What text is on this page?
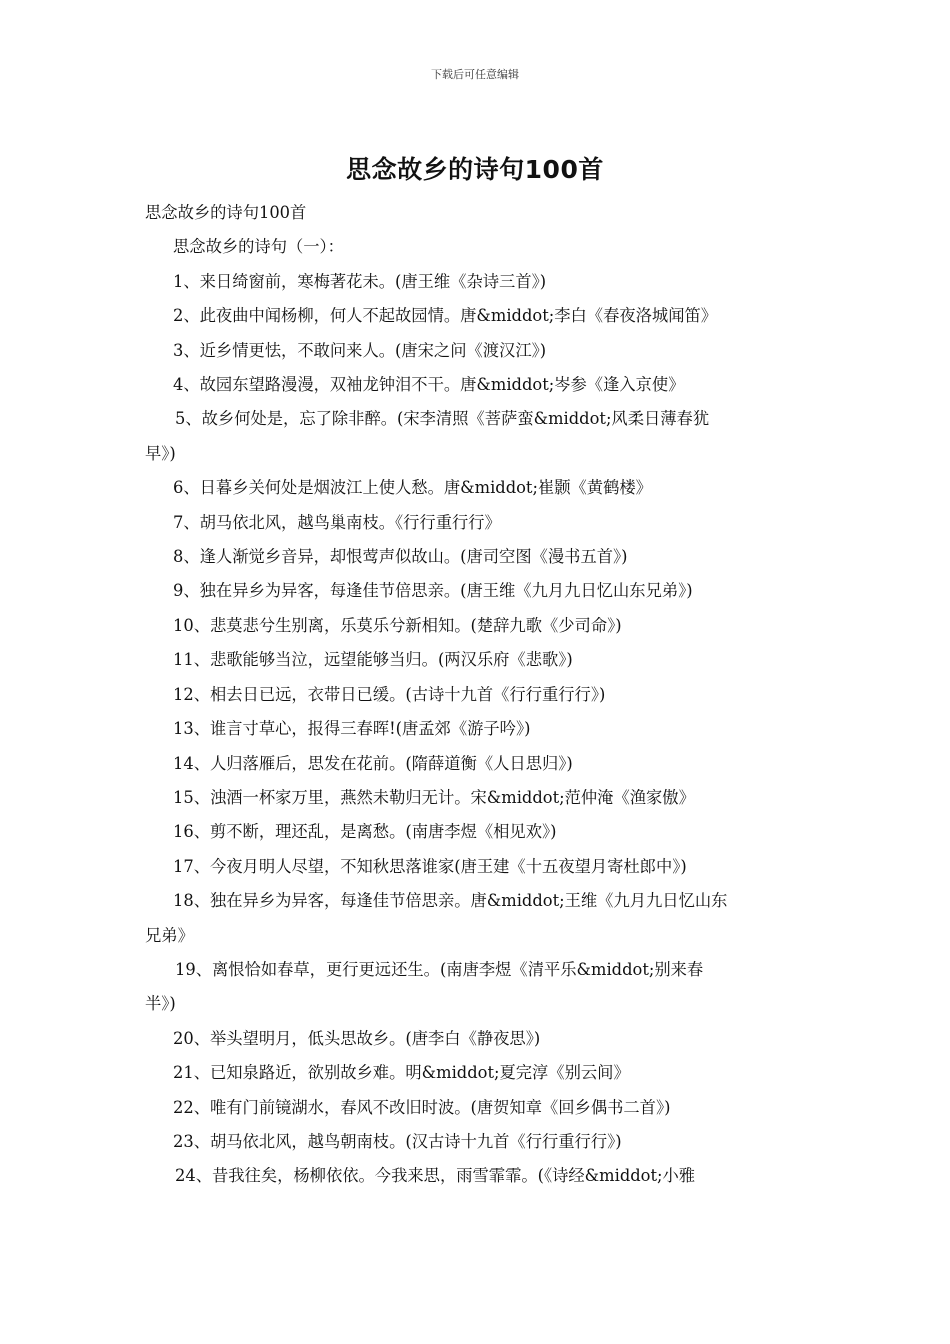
下载后可任意编辑
思念故乡的诗句100首

思念故乡的诗句100首

思念故乡的诗句（一）：

1、来日绮窗前，寒梅著花未。(唐王维《杂诗三首》)

2、此夜曲中闻杨柳，何人不起故园情。唐&middot;李白《春夜洛城闻笛》

3、近乡情更怯，不敢问来人。(唐宋之问《渡汉江》)

4、故园东望路漫漫，双袖龙钟泪不干。唐&middot;岑参《逢入京使》

5、故乡何处是，忘了除非醉。(宋李清照《菩萨蛮&middot;风柔日薄春犹

早》)

6、日暮乡关何处是烟波江上使人愁。唐&middot;崔颢《黄鹤楼》

7、胡马依北风，越鸟巢南枝。《行行重行行》

8、逢人渐觉乡音异，却恨莺声似故山。(唐司空图《漫书五首》)

9、独在异乡为异客，每逢佳节倍思亲。(唐王维《九月九日忆山东兄弟》)

10、悲莫悲兮生别离，乐莫乐兮新相知。(楚辞九歌《少司命》)

11、悲歌能够当泣，远望能够当归。(两汉乐府《悲歌》)

12、相去日已远，衣带日已缓。(古诗十九首《行行重行行》)

13、谁言寸草心，报得三春晖!(唐孟郊《游子吟》)

14、人归落雁后，思发在花前。(隋薛道衡《人日思归》)

15、浊酒一杯家万里，燕然未勒归无计。宋&middot;范仲淹《渔家傲》

16、剪不断，理还乱，是离愁。(南唐李煜《相见欢》)

17、今夜月明人尽望，不知秋思落谁家(唐王建《十五夜望月寄杜郎中》)

18、独在异乡为异客，每逢佳节倍思亲。唐&middot;王维《九月九日忆山东

兄弟》

19、离恨恰如春草，更行更远还生。(南唐李煜《清平乐&middot;别来春

半》)

20、举头望明月，低头思故乡。(唐李白《静夜思》)

21、已知泉路近，欲别故乡难。明&middot;夏完淳《别云间》

22、唯有门前镜湖水，春风不改旧时波。(唐贺知章《回乡偶书二首》)

23、胡马依北风，越鸟朝南枝。(汉古诗十九首《行行重行行》)

24、昔我往矣，杨柳依依。今我来思，雨雪霏霏。(《诗经&middot;小雅
